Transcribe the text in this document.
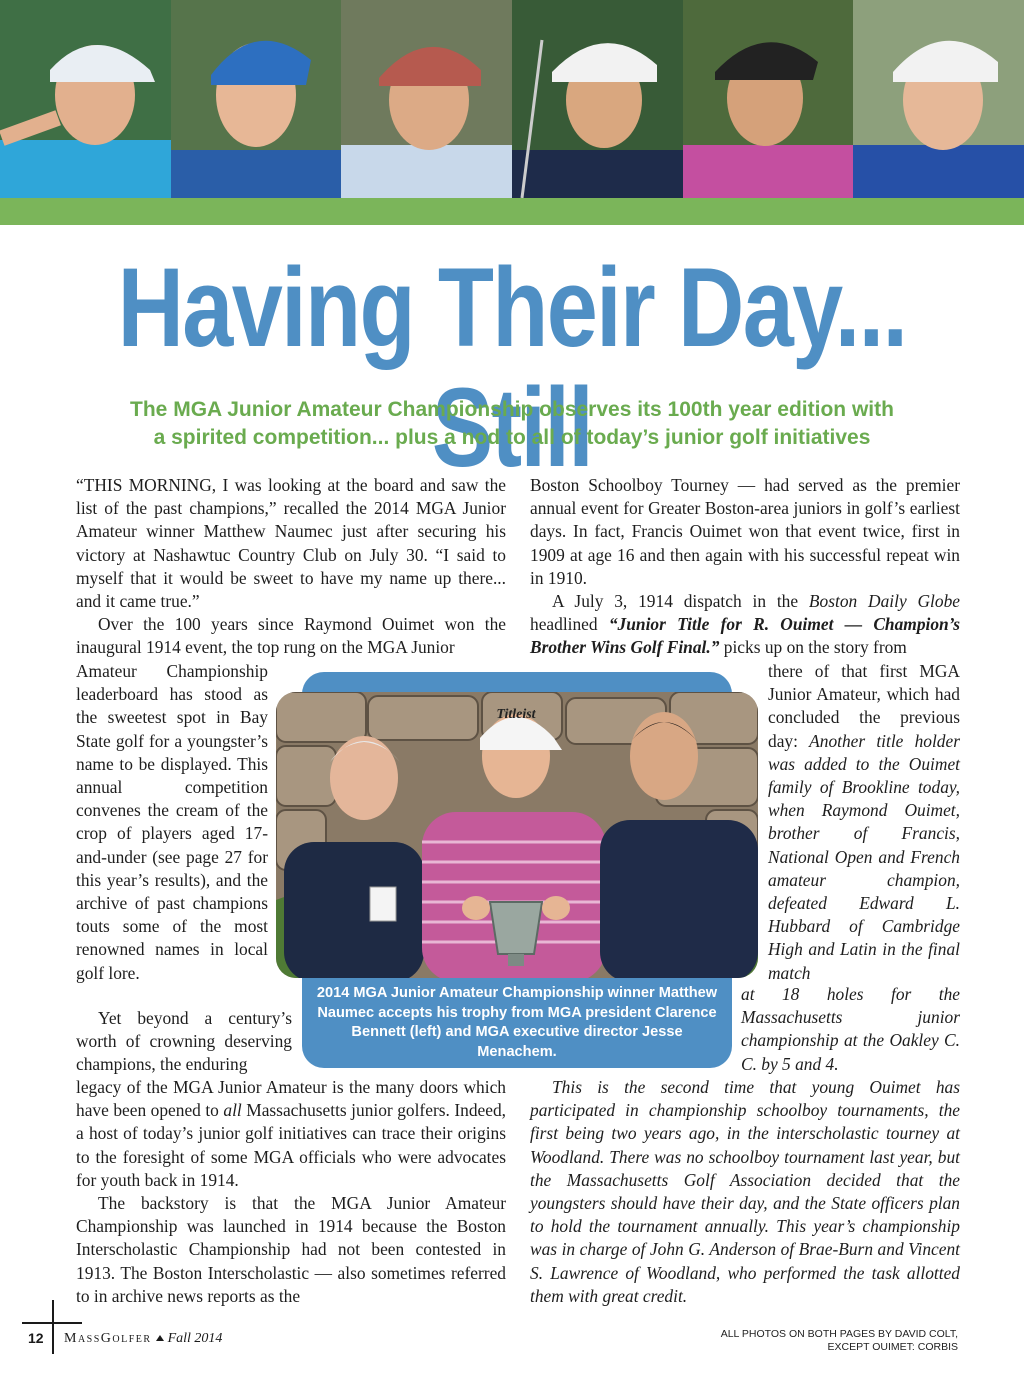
Having Their Day... Still
The MGA Junior Amateur Championship observes its 100th year edition with
a spirited competition... plus a nod to all of today’s junior golf initiatives

“THIS MORNING, I was looking at the board and saw the list of the past champions,” recalled the 2014 MGA Junior Amateur winner Matthew Naumec just after securing his victory at Nashawtuc Country Club on July 30. “I said to myself that it would be sweet to have my name up there... and it came true.”

Over the 100 years since Raymond Ouimet won the inaugural 1914 event, the top rung on the MGA Junior

Amateur Championship leaderboard has stood as the sweetest spot in Bay State golf for a youngster’s name to be displayed. This annual competition convenes the cream of the crop of players aged 17-and-under (see page 27 for this year’s results), and the archive of past champions touts some of the most renowned names in local golf lore.

Yet beyond a century’s worth of crowning deserving champions, the enduring

legacy of the MGA Junior Amateur is the many doors which have been opened to all Massachusetts junior golfers. Indeed, a host of today’s junior golf initiatives can trace their origins to the foresight of some MGA officials who were advocates for youth back in 1914.

The backstory is that the MGA Junior Amateur Championship was launched in 1914 because the Boston Interscholastic Championship had not been contested in 1913. The Boston Interscholastic — also sometimes referred to in archive news reports as the

Boston Schoolboy Tourney — had served as the premier annual event for Greater Boston-area juniors in golf’s earliest days. In fact, Francis Ouimet won that event twice, first in 1909 at age 16 and then again with his successful repeat win in 1910.

A July 3, 1914 dispatch in the Boston Daily Globe headlined “Junior Title for R. Ouimet — Champion’s Brother Wins Golf Final.” picks up on the story from

there of that first MGA Junior Amateur, which had concluded the previous day: Another title holder was added to the Ouimet family of Brookline today, when Raymond Ouimet, brother of Francis, National Open and French amateur champion, defeated Edward L. Hubbard of Cambridge High and Latin in the final match

at 18 holes for the Massachusetts junior championship at the Oakley C. C. by 5 and 4.

This is the second time that young Ouimet has participated in championship schoolboy tournaments, the first being two years ago, in the interscholastic tourney at Woodland. There was no schoolboy tournament last year, but the Massachusetts Golf Association decided that the youngsters should have their day, and the State officers plan to hold the tournament annually. This year’s championship was in charge of John G. Anderson of Brae-Burn and Vincent S. Lawrence of Woodland, who performed the task allotted them with great credit.

Titleist
2014 MGA Junior Amateur Championship winner Matthew Naumec accepts his trophy from MGA president Clarence Bennett (left) and MGA executive director Jesse Menachem.
12 MassGolfer Fall 2014	ALL PHOTOS ON BOTH PAGES BY DAVID COLT,
EXCEPT OUIMET: CORBIS
